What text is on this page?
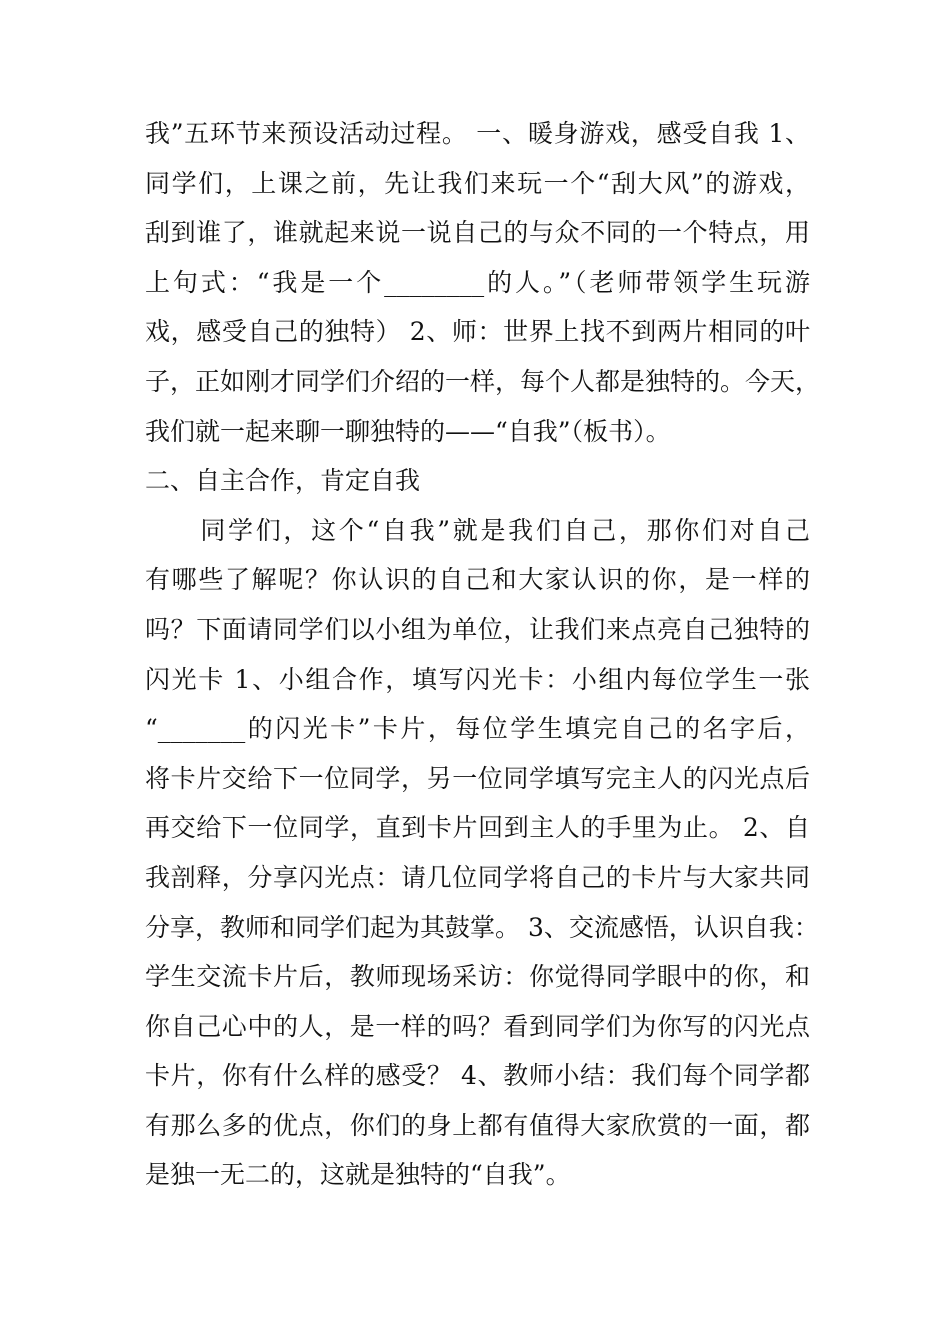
我”五环节来预设活动过程。 一、暖身游戏，感受自我 1、
同学们，上课之前，先让我们来玩一个“刮大风”的游戏，
刮到谁了，谁就起来说一说自己的与众不同的一个特点，用
上句式：“我是一个________的人。”（老师带领学生玩游
戏，感受自己的独特） 2、师：世界上找不到两片相同的叶
子，正如刚才同学们介绍的一样，每个人都是独特的。今天，
我们就一起来聊一聊独特的——“自我”（板书）。
二、自主合作，肯定自我
　　同学们，这个“自我”就是我们自己，那你们对自己
有哪些了解呢？你认识的自己和大家认识的你，是一样的
吗？下面请同学们以小组为单位，让我们来点亮自己独特的
闪光卡 1、小组合作，填写闪光卡：小组内每位学生一张
“_______的闪光卡”卡片，每位学生填完自己的名字后，
将卡片交给下一位同学，另一位同学填写完主人的闪光点后
再交给下一位同学，直到卡片回到主人的手里为止。 2、自
我剖释，分享闪光点：请几位同学将自己的卡片与大家共同
分享，教师和同学们起为其鼓掌。 3、交流感悟，认识自我：
学生交流卡片后，教师现场采访：你觉得同学眼中的你，和
你自己心中的人，是一样的吗？看到同学们为你写的闪光点
卡片，你有什么样的感受？ 4、教师小结：我们每个同学都
有那么多的优点，你们的身上都有值得大家欣赏的一面，都
是独一无二的，这就是独特的“自我”。
